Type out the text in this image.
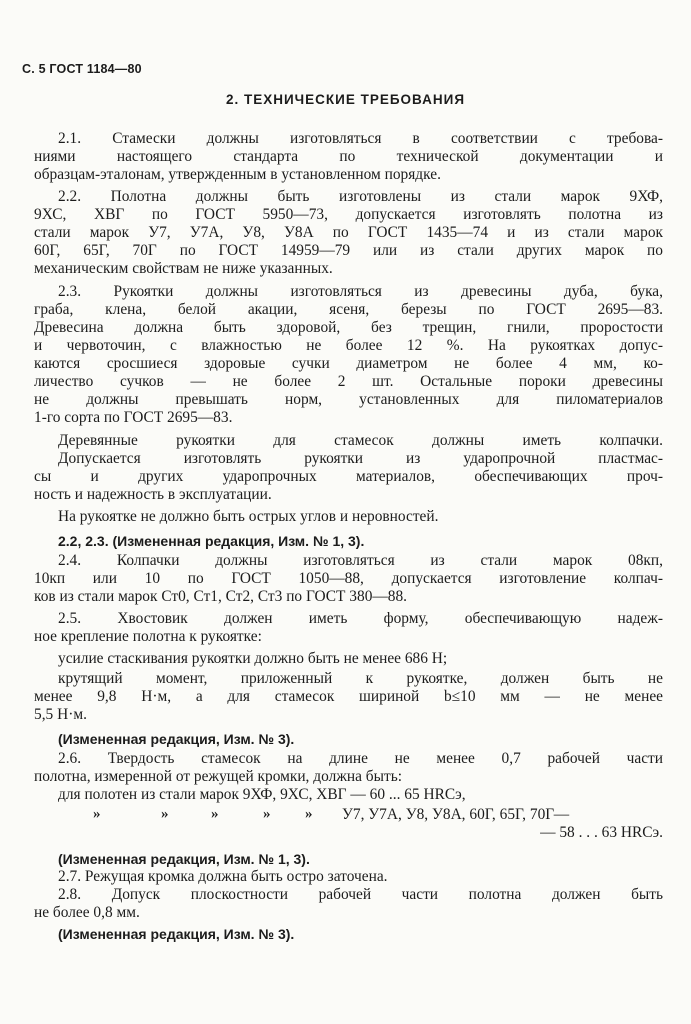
С. 5 ГОСТ 1184—80
2. ТЕХНИЧЕСКИЕ ТРЕБОВАНИЯ
2.1. Стамески должны изготовляться в соответствии с требова-
ниями настоящего стандарта по технической документации и
образцам-эталонам, утвержденным в установленном порядке.
2.2. Полотна должны быть изготовлены из стали марок 9ХФ,
9ХС, ХВГ по ГОСТ 5950—73, допускается изготовлять полотна из
стали марок У7, У7А, У8, У8А по ГОСТ 1435—74 и из стали марок
60Г, 65Г, 70Г по ГОСТ 14959—79 или из стали других марок по
механическим свойствам не ниже указанных.
2.3. Рукоятки должны изготовляться из древесины дуба, бука,
граба, клена, белой акации, ясеня, березы по ГОСТ 2695—83.
Древесина должна быть здоровой, без трещин, гнили, проростости
и червоточин, с влажностью не более 12 %. На рукоятках допус-
каются сросшиеся здоровые сучки диаметром не более 4 мм, ко-
личество сучков — не более 2 шт. Остальные пороки древесины
не должны превышать норм, установленных для пиломатериалов
1-го сорта по ГОСТ 2695—83.
Деревянные рукоятки для стамесок должны иметь колпачки.
Допускается изготовлять рукоятки из ударопрочной пластмас-
сы и других ударопрочных материалов, обеспечивающих проч-
ность и надежность в эксплуатации.
На рукоятке не должно быть острых углов и неровностей.
2.2, 2.3. (Измененная редакция, Изм. № 1, 3).
2.4. Колпачки должны изготовляться из стали марок 08кп,
10кп или 10 по ГОСТ 1050—88, допускается изготовление колпач-
ков из стали марок Ст0, Ст1, Ст2, Ст3 по ГОСТ 380—88.
2.5. Хвостовик должен иметь форму, обеспечивающую надеж-
ное крепление полотна к рукоятке:
усилие стаскивания рукоятки должно быть не менее 686 Н;
крутящий момент, приложенный к рукоятке, должен быть не
менее 9,8 Н·м, а для стамесок шириной b≤10 мм — не менее
5,5 Н·м.
(Измененная редакция, Изм. № 3).
2.6. Твердость стамесок на длине не менее 0,7 рабочей части
полотна, измеренной от режущей кромки, должна быть:
для полотен из стали марок 9ХФ, 9ХС, ХВГ — 60 ... 65 HRCэ,
»	»	»	» » У7, У7А, У8, У8А, 60Г, 65Г, 70Г—
— 58 . . . 63 HRCэ.
(Измененная редакция, Изм. № 1, 3).
2.7. Режущая кромка должна быть остро заточена.
2.8. Допуск плоскостности рабочей части полотна должен быть
не более 0,8 мм.
(Измененная редакция, Изм. № 3).
